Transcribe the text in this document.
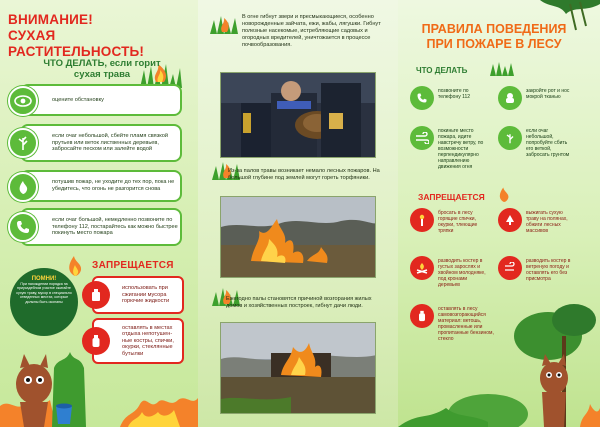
ВНИМАНИЕ!
СУХАЯ РАСТИТЕЛЬНОСТЬ!
ЧТО ДЕЛАТЬ, если горит
сухая трава
оцените обстановку
если очаг небольшой, сбейте пламя связкой прутьев или веток лиственных деревьев, забросайте песком или залейте водой
потушив пожар, не уходите до тех пор, пока не убедитесь, что огонь не разгорится снова
если очаг большой, немедленно позвоните по телефону 112, постарайтесь как можно быстрее покинуть место пожара
ЗАПРЕЩАЕТСЯ
использовать при сжигании мусора горючие жидкости
оставлять в местах отдыха непотушен- ные костры, спички, окурки, стеклянные бутылки
ПОМНИ!
При нахождении порядка на приусадебном участке сжигайте сухую траву, мусор в специально отведенных местах, которые должны быть окопаны
В огне гибнут звери и пресмыкающиеся, особенно новорожденные зайчата, ежи, жабы, лягушки. Гибнут полезные насекомые, истребляющие садовых и огородных вредителей, уничтожается в процессе почвообразования.
Из-за палов травы возникает немало лесных пожаров. На большой глубине под землей могут гореть торфяники.
Ежегодно палы становятся причиной возгорания жилых домов и хозяйственных построек, гибнут дачи люди.
ПРАВИЛА ПОВЕДЕНИЯ
ПРИ ПОЖАРЕ В ЛЕСУ
ЧТО ДЕЛАТЬ
позвоните по телефону 112
закройте рот и нос мокрой тканью
покиньте место пожара, идите навстречу ветру, по возможности перпендикулярно направлению движения огня
если очаг небольшой, попробуйте сбить его веткой, забросать грунтом
ЗАПРЕЩАЕТСЯ
бросать в лесу горящие спички, окурки, тлеющие тряпки
выжигать сухую траву на полянах, обжиги лесных массивов
разводить костер в густых зарослях и хвойном молодняке, под кронами деревьев
разводить костер в ветреную погоду и оставлять его без присмотра
оставлять в лесу самовозгорающийся материал: ветошь, промасленные или пропитанные бензином, стекло
